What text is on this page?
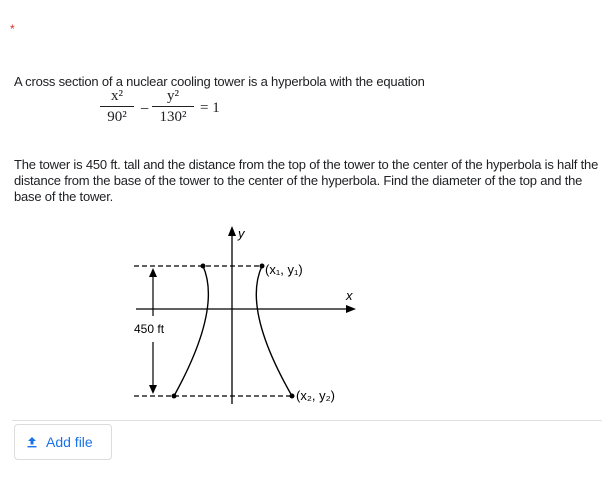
*
A cross section of a nuclear cooling tower is a hyperbola with the equation
x²
90² −
y²
130²
= 1
The tower is 450 ft. tall and the distance from the top of the tower to the center of the hyperbola is half the distance from the base of the tower to the center of the hyperbola. Find the diameter of the top and the base of the tower.
y
x
450 ft
(x₁, y₁)
(x₂, y₂)
Add file
